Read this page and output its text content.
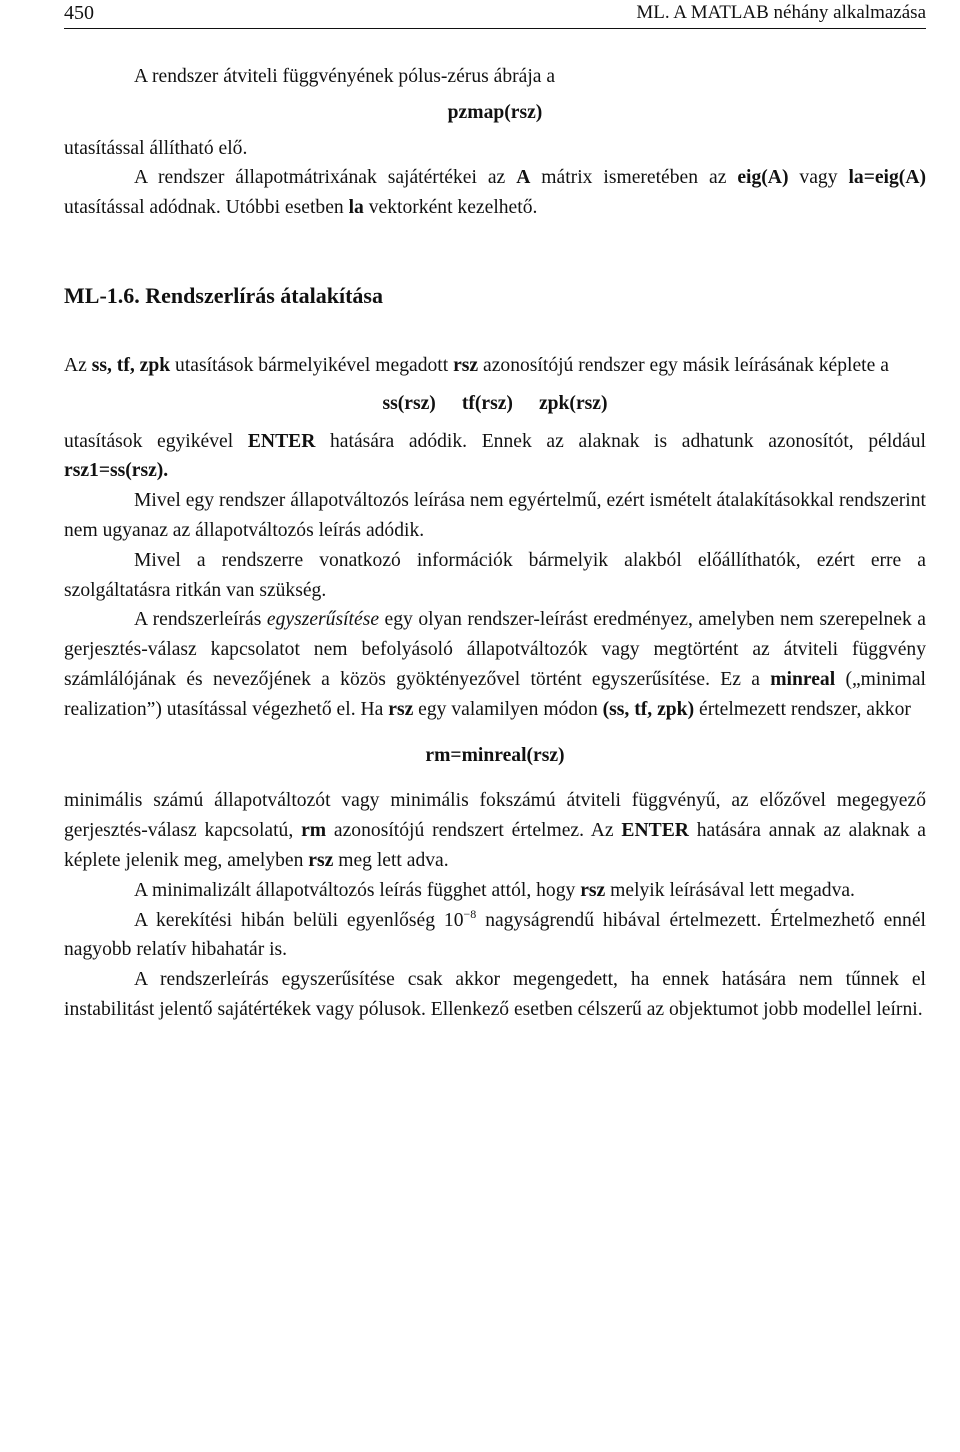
450	ML. A MATLAB néhány alkalmazása

A rendszer átviteli függvényének pólus-zérus ábrája a

pzmap(rsz)

utasítással állítható elő.

A rendszer állapotmátrixának sajátértékei az A mátrix ismeretében az eig(A) vagy la=eig(A) utasítással adódnak. Utóbbi esetben la vektorként kezelhető.

ML-1.6. Rendszerlírás átalakítása

Az ss, tf, zpk utasítások bármelyikével megadott rsz azonosítójú rendszer egy másik leírásának képlete a

ss(rsz) tf(rsz) zpk(rsz)

utasítások egyikével ENTER hatására adódik. Ennek az alaknak is adhatunk azonosítót, például rsz1=ss(rsz).

Mivel egy rendszer állapotváltozós leírása nem egyértelmű, ezért ismételt átalakításokkal rendszerint nem ugyanaz az állapotváltozós leírás adódik.

Mivel a rendszerre vonatkozó információk bármelyik alakból előállíthatók, ezért erre a szolgáltatásra ritkán van szükség.

A rendszerleírás egyszerűsítése egy olyan rendszer-leírást eredményez, amelyben nem szerepelnek a gerjesztés-válasz kapcsolatot nem befolyásoló állapotváltozók vagy megtörtént az átviteli függvény számlálójának és nevezőjének a közös gyöktényezővel történt egyszerűsítése. Ez a minreal („minimal realization”) utasítással végezhető el. Ha rsz egy valamilyen módon (ss, tf, zpk) értelmezett rendszer, akkor

rm=minreal(rsz)

minimális számú állapotváltozót vagy minimális fokszámú átviteli függvényű, az előzővel megegyező gerjesztés-válasz kapcsolatú, rm azonosítójú rendszert értelmez. Az ENTER hatására annak az alaknak a képlete jelenik meg, amelyben rsz meg lett adva.

A minimalizált állapotváltozós leírás függhet attól, hogy rsz melyik leírásával lett megadva.

A kerekítési hibán belüli egyenlőség $10^{-8}$ nagyságrendű hibával értelmezett. Értelmezhető ennél nagyobb relatív hibahatár is.

A rendszerleírás egyszerűsítése csak akkor megengedett, ha ennek hatására nem tűnnek el instabilitást jelentő sajátértékek vagy pólusok. Ellenkező esetben célszerű az objektumot jobb modellel leírni.
